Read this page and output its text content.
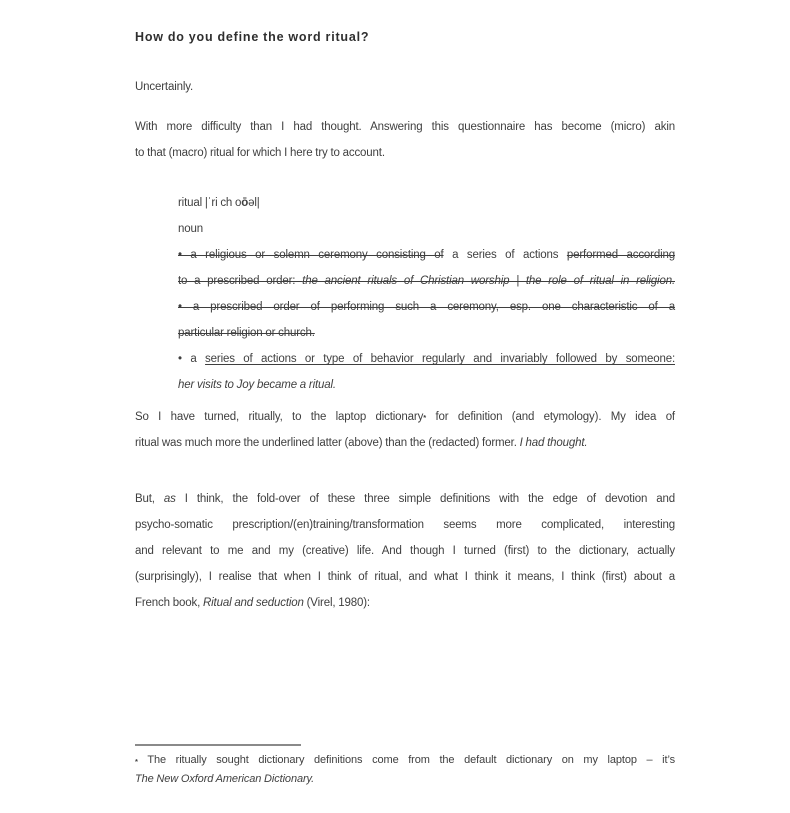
How do you define the word ritual?
Uncertainly.
With more difficulty than I had thought. Answering this questionnaire has become (micro) akin
to that (macro) ritual for which I here try to account.
ritual |ˈri ch oōəl|
noun
• a religious or solemn ceremony consisting of a series of actions performed according
to a prescribed order: the ancient rituals of Christian worship | the role of ritual in religion.
• a prescribed order of performing such a ceremony, esp. one characteristic of a
particular religion or church.
• a series of actions or type of behavior regularly and invariably followed by someone:
her visits to Joy became a ritual.
So I have turned, ritually, to the laptop dictionary* for definition (and etymology). My idea of
ritual was much more the underlined latter (above) than the (redacted) former. I had thought.
But, as I think, the fold-over of these three simple definitions with the edge of devotion and
psycho-somatic prescription/(en)training/transformation seems more complicated, interesting
and relevant to me and my (creative) life. And though I turned (first) to the dictionary, actually
(surprisingly), I realise that when I think of ritual, and what I think it means, I think (first) about a
French book, Ritual and seduction (Virel, 1980):
* The ritually sought dictionary definitions come from the default dictionary on my laptop – it’s
The New Oxford American Dictionary.
